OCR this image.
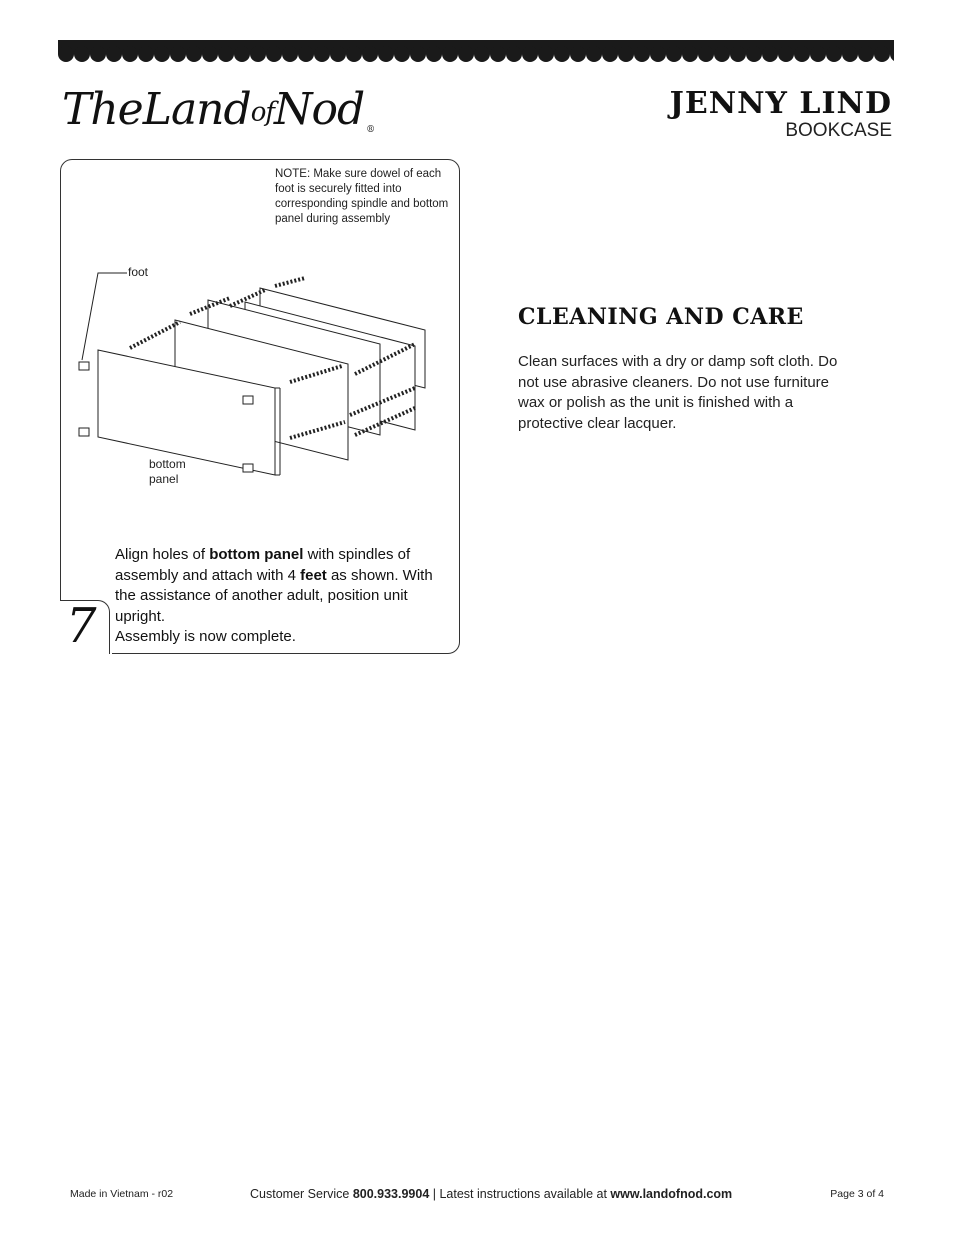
TheLandofNod ®
JENNY LIND
BOOKCASE
7
NOTE: Make sure dowel of each foot is securely fitted into corresponding spindle and bottom panel during assembly
foot
bottom
panel
Align holes of bottom panel with spindles of assembly and attach with 4 feet as shown. With the assistance of another adult, position unit upright.
Assembly is now complete.
CLEANING AND CARE
Clean surfaces with a dry or damp soft cloth. Do not use abrasive cleaners. Do not use furniture wax or polish as the unit is finished with a protective clear lacquer.
Made in Vietnam - r02	Customer Service 800.933.9904 | Latest instructions available at www.landofnod.com	Page 3 of 4
